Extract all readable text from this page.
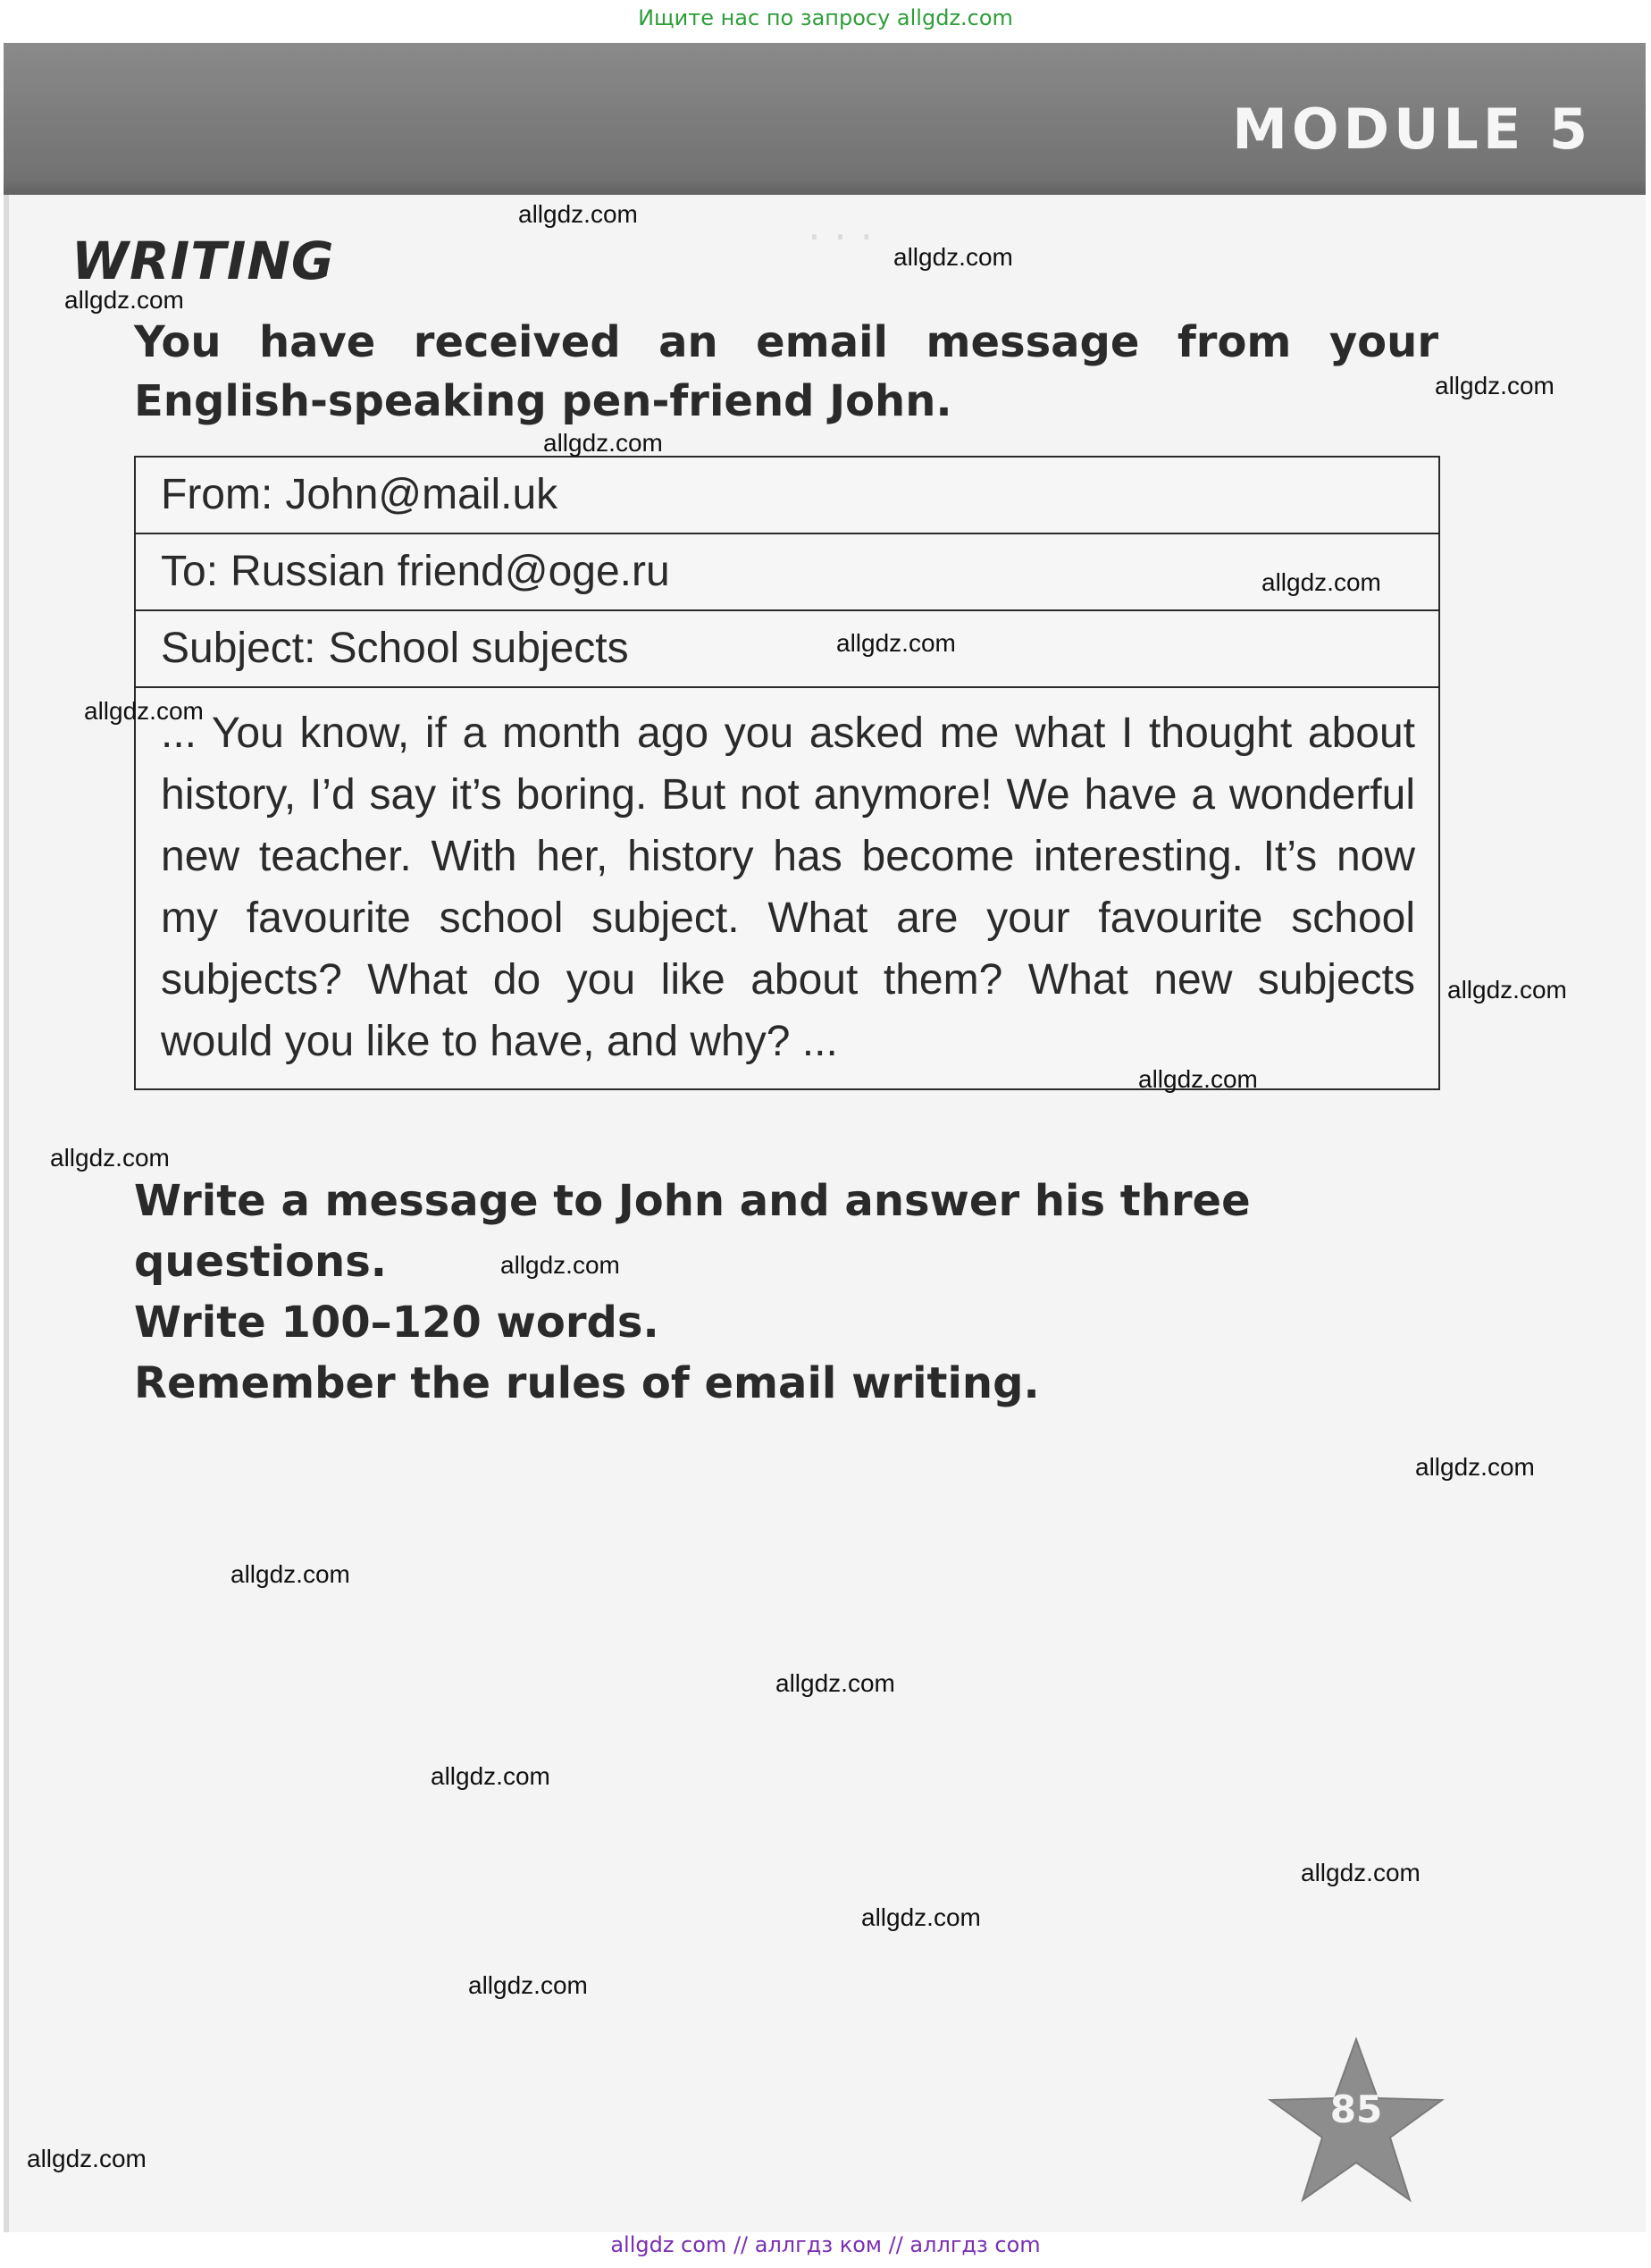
Ищите нас по запросу allgdz.com
MODULE 5
· · ·
WRITING
You have received an email message from your English-speaking pen-friend John.
From: John@mail.uk
To: Russian friend@oge.ru
Subject: School subjects
... You know, if a month ago you asked me what I thought about history, I’d say it’s boring. But not anymore! We have a wonderful new teacher. With her, history has become interesting. It’s now my favourite school subject. What are your favourite school subjects? What do you like about them? What new subjects would you like to have, and why? ...
Write a message to John and answer his three questions.
Write 100–120 words.
Remember the rules of email writing.
allgdz.com
allgdz.com
allgdz.com
allgdz.com
allgdz.com
allgdz.com
allgdz.com
allgdz.com
allgdz.com
allgdz.com
allgdz.com
allgdz.com
allgdz.com
allgdz.com
allgdz.com
allgdz.com
allgdz.com
allgdz.com
allgdz.com
allgdz.com
85
allgdz com // аллгдз ком // аллгдз com
